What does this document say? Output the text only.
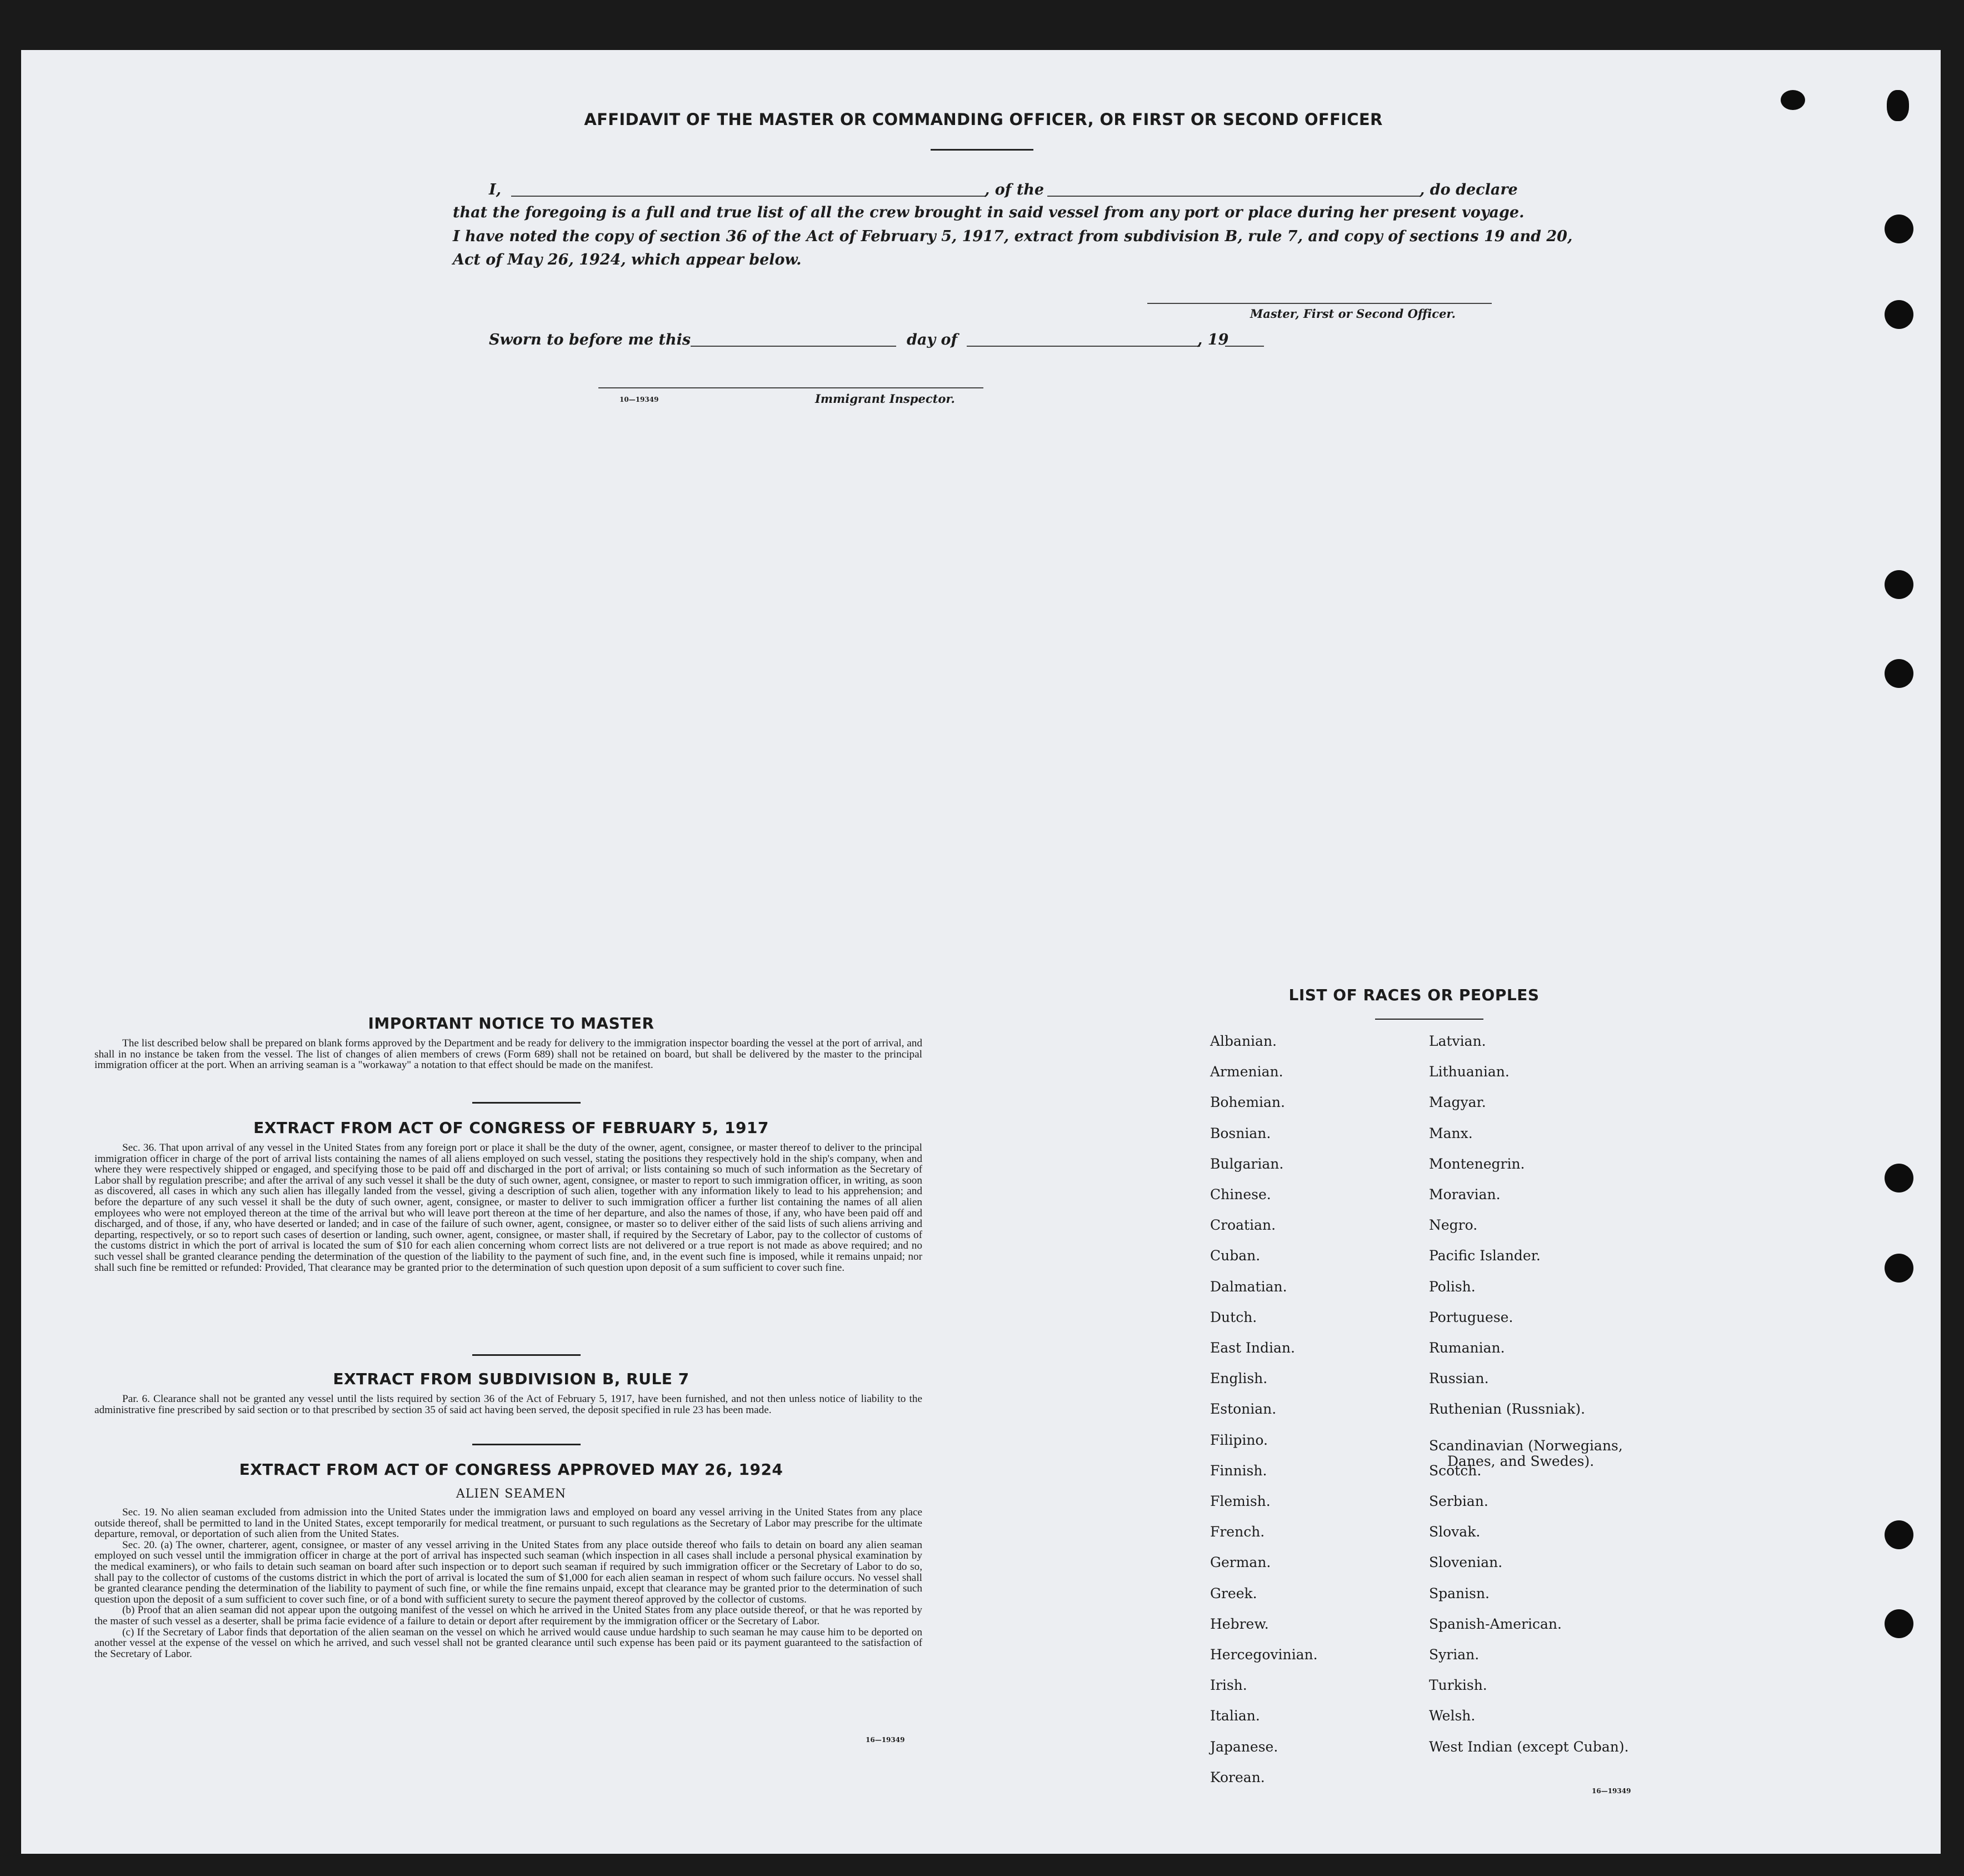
AFFIDAVIT OF THE MASTER OR COMMANDING OFFICER, OR FIRST OR SECOND OFFICER
I,	, of the	, do declare
that the foregoing is a full and true list of all the crew brought in said vessel from any port or place during her present voyage.
I have noted the copy of section 36 of the Act of February 5, 1917, extract from subdivision B, rule 7, and copy of sections 19 and 20,
Act of May 26, 1924, which appear below.
Master, First or Second Officer.
Sworn to before me this	day of	, 19
10—19349	Immigrant Inspector.
IMPORTANT NOTICE TO MASTER

The list described below shall be prepared on blank forms approved by the Department and be ready for delivery to the immigration inspector boarding the vessel at the port of arrival, and shall in no instance be taken from the vessel. The list of changes of alien members of crews (Form 689) shall not be retained on board, but shall be delivered by the master to the principal immigration officer at the port. When an arriving seaman is a "workaway" a notation to that effect should be made on the manifest.

EXTRACT FROM ACT OF CONGRESS OF FEBRUARY 5, 1917

Sec. 36. That upon arrival of any vessel in the United States from any foreign port or place it shall be the duty of the owner, agent, consignee, or master thereof to deliver to the principal immigration officer in charge of the port of arrival lists containing the names of all aliens employed on such vessel, stating the positions they respectively hold in the ship's company, when and where they were respectively shipped or engaged, and specifying those to be paid off and discharged in the port of arrival; or lists containing so much of such information as the Secretary of Labor shall by regulation prescribe; and after the arrival of any such vessel it shall be the duty of such owner, agent, consignee, or master to report to such immigration officer, in writing, as soon as discovered, all cases in which any such alien has illegally landed from the vessel, giving a description of such alien, together with any information likely to lead to his apprehension; and before the departure of any such vessel it shall be the duty of such owner, agent, consignee, or master to deliver to such immigration officer a further list containing the names of all alien employees who were not employed thereon at the time of the arrival but who will leave port thereon at the time of her departure, and also the names of those, if any, who have been paid off and discharged, and of those, if any, who have deserted or landed; and in case of the failure of such owner, agent, consignee, or master so to deliver either of the said lists of such aliens arriving and departing, respectively, or so to report such cases of desertion or landing, such owner, agent, consignee, or master shall, if required by the Secretary of Labor, pay to the collector of customs of the customs district in which the port of arrival is located the sum of $10 for each alien concerning whom correct lists are not delivered or a true report is not made as above required; and no such vessel shall be granted clearance pending the determination of the question of the liability to the payment of such fine, and, in the event such fine is imposed, while it remains unpaid; nor shall such fine be remitted or refunded: Provided, That clearance may be granted prior to the determination of such question upon deposit of a sum sufficient to cover such fine.

EXTRACT FROM SUBDIVISION B, RULE 7

Par. 6. Clearance shall not be granted any vessel until the lists required by section 36 of the Act of February 5, 1917, have been furnished, and not then unless notice of liability to the administrative fine prescribed by said section or to that prescribed by section 35 of said act having been served, the deposit specified in rule 23 has been made.

EXTRACT FROM ACT OF CONGRESS APPROVED MAY 26, 1924
ALIEN SEAMEN

Sec. 19. No alien seaman excluded from admission into the United States under the immigration laws and employed on board any vessel arriving in the United States from any place outside thereof, shall be permitted to land in the United States, except temporarily for medical treatment, or pursuant to such regulations as the Secretary of Labor may prescribe for the ultimate departure, removal, or deportation of such alien from the United States.

Sec. 20. (a) The owner, charterer, agent, consignee, or master of any vessel arriving in the United States from any place outside thereof who fails to detain on board any alien seaman employed on such vessel until the immigration officer in charge at the port of arrival has inspected such seaman (which inspection in all cases shall include a personal physical examination by the medical examiners), or who fails to detain such seaman on board after such inspection or to deport such seaman if required by such immigration officer or the Secretary of Labor to do so, shall pay to the collector of customs of the customs district in which the port of arrival is located the sum of $1,000 for each alien seaman in respect of whom such failure occurs. No vessel shall be granted clearance pending the determination of the liability to payment of such fine, or while the fine remains unpaid, except that clearance may be granted prior to the determination of such question upon the deposit of a sum sufficient to cover such fine, or of a bond with sufficient surety to secure the payment thereof approved by the collector of customs.

(b) Proof that an alien seaman did not appear upon the outgoing manifest of the vessel on which he arrived in the United States from any place outside thereof, or that he was reported by the master of such vessel as a deserter, shall be prima facie evidence of a failure to detain or deport after requirement by the immigration officer or the Secretary of Labor.

(c) If the Secretary of Labor finds that deportation of the alien seaman on the vessel on which he arrived would cause undue hardship to such seaman he may cause him to be deported on another vessel at the expense of the vessel on which he arrived, and such vessel shall not be granted clearance until such expense has been paid or its payment guaranteed to the satisfaction of the Secretary of Labor.

16—19349
LIST OF RACES OR PEOPLES
16—19349
Albanian.
Armenian.
Bohemian.
Bosnian.
Bulgarian.
Chinese.
Croatian.
Cuban.
Dalmatian.
Dutch.
East Indian.
English.
Estonian.
Filipino.
Finnish.
Flemish.
French.
German.
Greek.
Hebrew.
Hercegovinian.
Irish.
Italian.
Japanese.
Korean.
Latvian.
Lithuanian.
Magyar.
Manx.
Montenegrin.
Moravian.
Negro.
Pacific Islander.
Polish.
Portuguese.
Rumanian.
Russian.
Ruthenian (Russniak).
Scandinavian (Norwegians,
Danes, and Swedes).
Scotch.
Serbian.
Slovak.
Slovenian.
Spanisn.
Spanish-American.
Syrian.
Turkish.
Welsh.
West Indian (except Cuban).
